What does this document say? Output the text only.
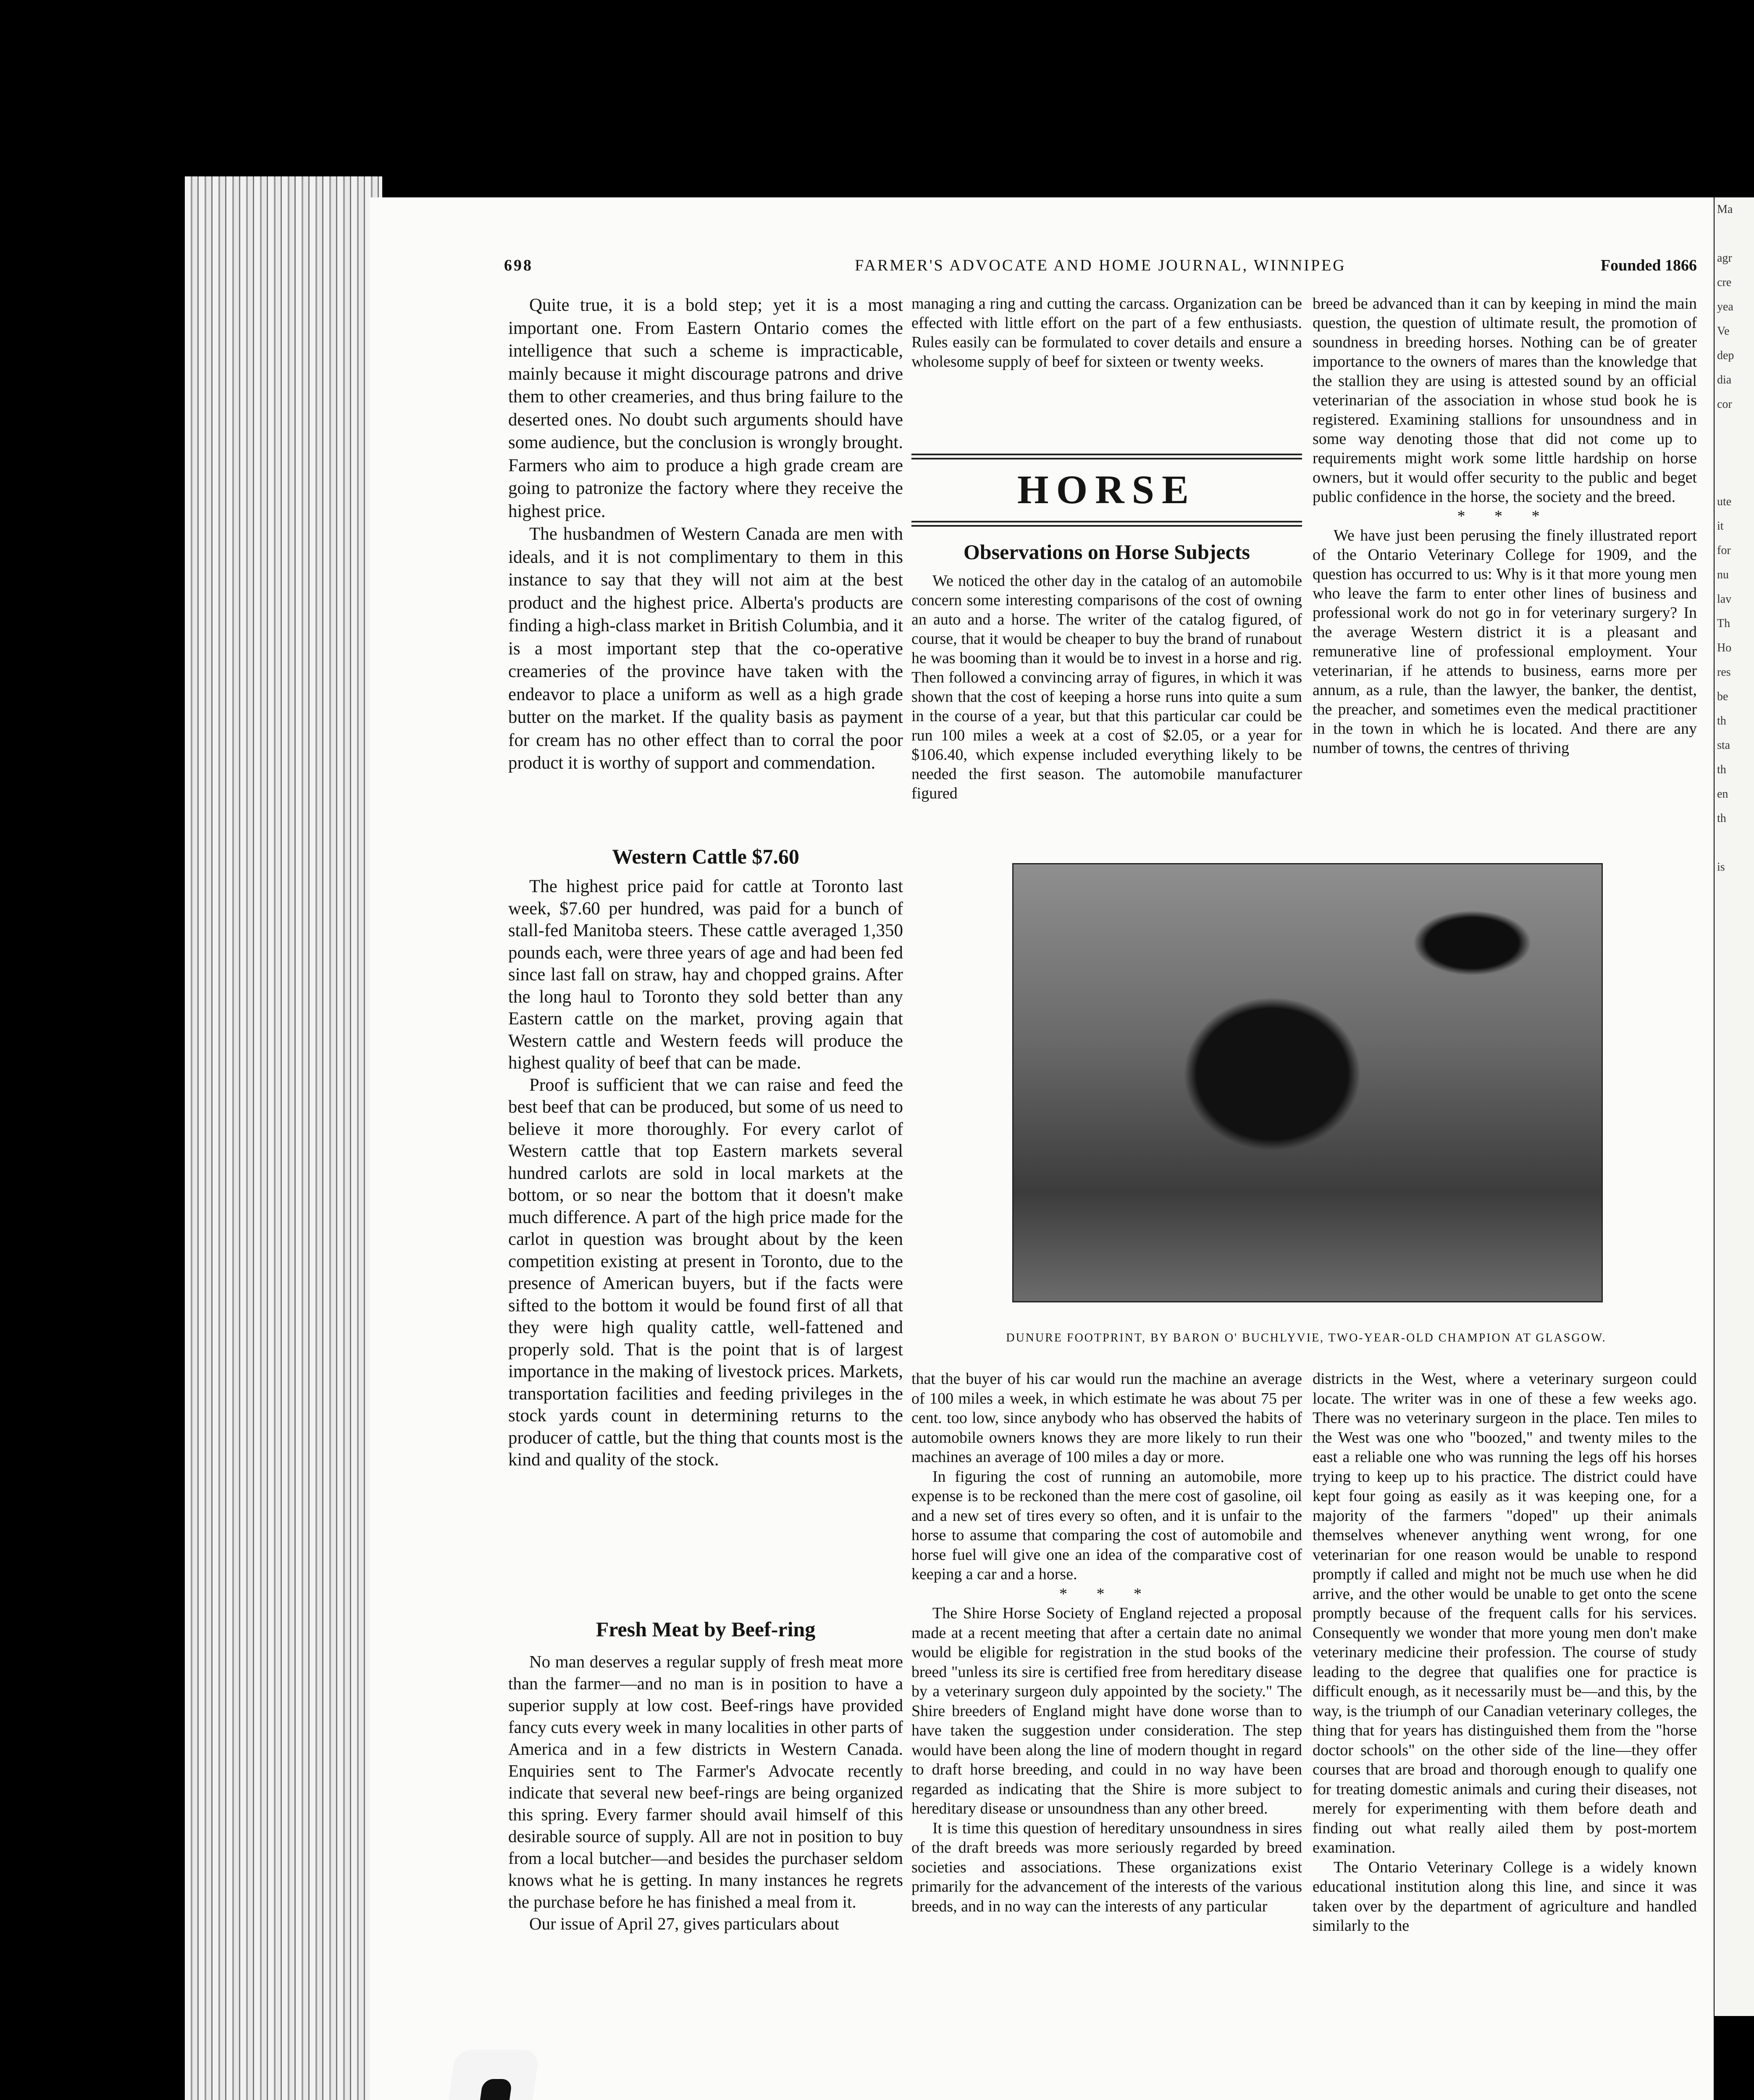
Ma

agr
cre
yea
Ve
dep
dia
cor

ute
it
for
nu
lav
Th
Ho
res
be
th
sta
th
en
th

is
698	FARMER'S ADVOCATE AND HOME JOURNAL, WINNIPEG	Founded 1866

Quite true, it is a bold step; yet it is a most important one. From Eastern Ontario comes the intelligence that such a scheme is impracticable, mainly because it might discourage patrons and drive them to other creameries, and thus bring failure to the deserted ones. No doubt such arguments should have some audience, but the conclusion is wrongly brought. Farmers who aim to produce a high grade cream are going to patronize the factory where they receive the highest price.

The husbandmen of Western Canada are men with ideals, and it is not complimentary to them in this instance to say that they will not aim at the best product and the highest price. Alberta's products are finding a high-class market in British Columbia, and it is a most important step that the co-operative creameries of the province have taken with the endeavor to place a uniform as well as a high grade butter on the market. If the quality basis as payment for cream has no other effect than to corral the poor product it is worthy of support and commendation.

Western Cattle $7.60

The highest price paid for cattle at Toronto last week, $7.60 per hundred, was paid for a bunch of stall-fed Manitoba steers. These cattle averaged 1,350 pounds each, were three years of age and had been fed since last fall on straw, hay and chopped grains. After the long haul to Toronto they sold better than any Eastern cattle on the market, proving again that Western cattle and Western feeds will produce the highest quality of beef that can be made.

Proof is sufficient that we can raise and feed the best beef that can be produced, but some of us need to believe it more thoroughly. For every carlot of Western cattle that top Eastern markets several hundred carlots are sold in local markets at the bottom, or so near the bottom that it doesn't make much difference. A part of the high price made for the carlot in question was brought about by the keen competition existing at present in Toronto, due to the presence of American buyers, but if the facts were sifted to the bottom it would be found first of all that they were high quality cattle, well-fattened and properly sold. That is the point that is of largest importance in the making of livestock prices. Markets, transportation facilities and feeding privileges in the stock yards count in determining returns to the producer of cattle, but the thing that counts most is the kind and quality of the stock.

Fresh Meat by Beef-ring

No man deserves a regular supply of fresh meat more than the farmer—and no man is in position to have a superior supply at low cost. Beef-rings have provided fancy cuts every week in many localities in other parts of America and in a few districts in Western Canada. Enquiries sent to The Farmer's Advocate recently indicate that several new beef-rings are being organized this spring. Every farmer should avail himself of this desirable source of supply. All are not in position to buy from a local butcher—and besides the purchaser seldom knows what he is getting. In many instances he regrets the purchase before he has finished a meal from it.

Our issue of April 27, gives particulars about

managing a ring and cutting the carcass. Organization can be effected with little effort on the part of a few enthusiasts. Rules easily can be formulated to cover details and ensure a wholesome supply of beef for sixteen or twenty weeks.

HORSE
Observations on Horse Subjects

We noticed the other day in the catalog of an automobile concern some interesting comparisons of the cost of owning an auto and a horse. The writer of the catalog figured, of course, that it would be cheaper to buy the brand of runabout he was booming than it would be to invest in a horse and rig. Then followed a convincing array of figures, in which it was shown that the cost of keeping a horse runs into quite a sum in the course of a year, but that this particular car could be run 100 miles a week at a cost of $2.05, or a year for $106.40, which expense included everything likely to be needed the first season. The automobile manufacturer figured

breed be advanced than it can by keeping in mind the main question, the question of ultimate result, the promotion of soundness in breeding horses. Nothing can be of greater importance to the owners of mares than the knowledge that the stallion they are using is attested sound by an official veterinarian of the association in whose stud book he is registered. Examining stallions for unsoundness and in some way denoting those that did not come up to requirements might work some little hardship on horse owners, but it would offer security to the public and beget public confidence in the horse, the society and the breed.

* * *

We have just been perusing the finely illustrated report of the Ontario Veterinary College for 1909, and the question has occurred to us: Why is it that more young men who leave the farm to enter other lines of business and professional work do not go in for veterinary surgery? In the average Western district it is a pleasant and remunerative line of professional employment. Your veterinarian, if he attends to business, earns more per annum, as a rule, than the lawyer, the banker, the dentist, the preacher, and sometimes even the medical practitioner in the town in which he is located. And there are any number of towns, the centres of thriving

DUNURE FOOTPRINT, BY BARON O' BUCHLYVIE, TWO-YEAR-OLD CHAMPION AT GLASGOW.

that the buyer of his car would run the machine an average of 100 miles a week, in which estimate he was about 75 per cent. too low, since anybody who has observed the habits of automobile owners knows they are more likely to run their machines an average of 100 miles a day or more.

In figuring the cost of running an automobile, more expense is to be reckoned than the mere cost of gasoline, oil and a new set of tires every so often, and it is unfair to the horse to assume that comparing the cost of automobile and horse fuel will give one an idea of the comparative cost of keeping a car and a horse.

* * *

The Shire Horse Society of England rejected a proposal made at a recent meeting that after a certain date no animal would be eligible for registration in the stud books of the breed "unless its sire is certified free from hereditary disease by a veterinary surgeon duly appointed by the society." The Shire breeders of England might have done worse than to have taken the suggestion under consideration. The step would have been along the line of modern thought in regard to draft horse breeding, and could in no way have been regarded as indicating that the Shire is more subject to hereditary disease or unsoundness than any other breed.

It is time this question of hereditary unsoundness in sires of the draft breeds was more seriously regarded by breed societies and associations. These organizations exist primarily for the advancement of the interests of the various breeds, and in no way can the interests of any particular

districts in the West, where a veterinary surgeon could locate. The writer was in one of these a few weeks ago. There was no veterinary surgeon in the place. Ten miles to the West was one who "boozed," and twenty miles to the east a reliable one who was running the legs off his horses trying to keep up to his practice. The district could have kept four going as easily as it was keeping one, for a majority of the farmers "doped" up their animals themselves whenever anything went wrong, for one veterinarian for one reason would be unable to respond promptly if called and might not be much use when he did arrive, and the other would be unable to get onto the scene promptly because of the frequent calls for his services. Consequently we wonder that more young men don't make veterinary medicine their profession. The course of study leading to the degree that qualifies one for practice is difficult enough, as it necessarily must be—and this, by the way, is the triumph of our Canadian veterinary colleges, the thing that for years has distinguished them from the "horse doctor schools" on the other side of the line—they offer courses that are broad and thorough enough to qualify one for treating domestic animals and curing their diseases, not merely for experimenting with them before death and finding out what really ailed them by post-mortem examination.

The Ontario Veterinary College is a widely known educational institution along this line, and since it was taken over by the department of agriculture and handled similarly to the
